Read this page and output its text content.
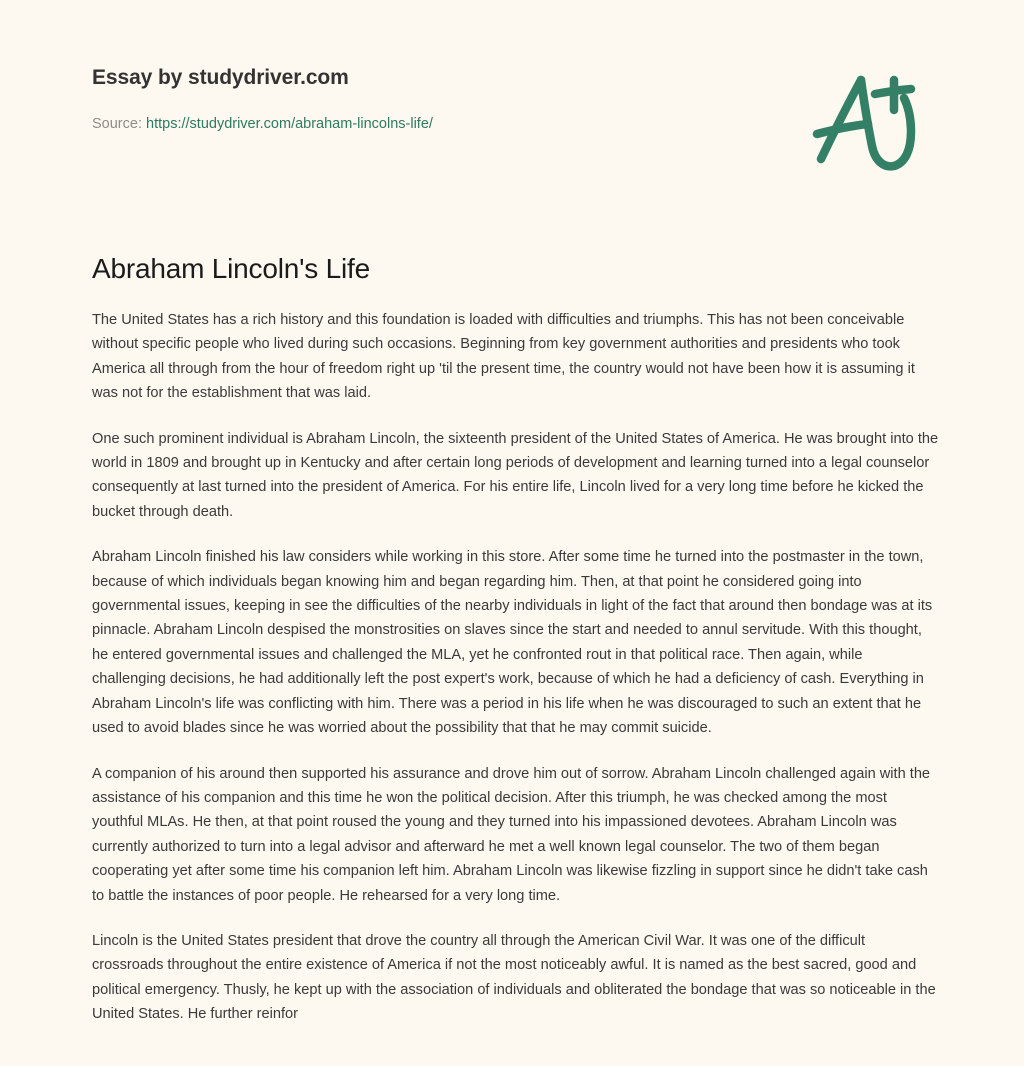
Essay by studydriver.com
Source: https://studydriver.com/abraham-lincolns-life/
Abraham Lincoln's Life

The United States has a rich history and this foundation is loaded with difficulties and triumphs. This has not been conceivable without specific people who lived during such occasions. Beginning from key government authorities and presidents who took America all through from the hour of freedom right up 'til the present time, the country would not have been how it is assuming it was not for the establishment that was laid.

One such prominent individual is Abraham Lincoln, the sixteenth president of the United States of America. He was brought into the world in 1809 and brought up in Kentucky and after certain long periods of development and learning turned into a legal counselor consequently at last turned into the president of America. For his entire life, Lincoln lived for a very long time before he kicked the bucket through death.

Abraham Lincoln finished his law considers while working in this store. After some time he turned into the postmaster in the town, because of which individuals began knowing him and began regarding him. Then, at that point he considered going into governmental issues, keeping in see the difficulties of the nearby individuals in light of the fact that around then bondage was at its pinnacle. Abraham Lincoln despised the monstrosities on slaves since the start and needed to annul servitude. With this thought, he entered governmental issues and challenged the MLA, yet he confronted rout in that political race. Then again, while challenging decisions, he had additionally left the post expert's work, because of which he had a deficiency of cash. Everything in Abraham Lincoln's life was conflicting with him. There was a period in his life when he was discouraged to such an extent that he used to avoid blades since he was worried about the possibility that that he may commit suicide.

A companion of his around then supported his assurance and drove him out of sorrow. Abraham Lincoln challenged again with the assistance of his companion and this time he won the political decision. After this triumph, he was checked among the most youthful MLAs. He then, at that point roused the young and they turned into his impassioned devotees. Abraham Lincoln was currently authorized to turn into a legal advisor and afterward he met a well known legal counselor. The two of them began cooperating yet after some time his companion left him. Abraham Lincoln was likewise fizzling in support since he didn't take cash to battle the instances of poor people. He rehearsed for a very long time.

Lincoln is the United States president that drove the country all through the American Civil War. It was one of the difficult crossroads throughout the entire existence of America if not the most noticeably awful. It is named as the best sacred, good and political emergency. Thusly, he kept up with the association of individuals and obliterated the bondage that was so noticeable in the United States. He further reinfor
